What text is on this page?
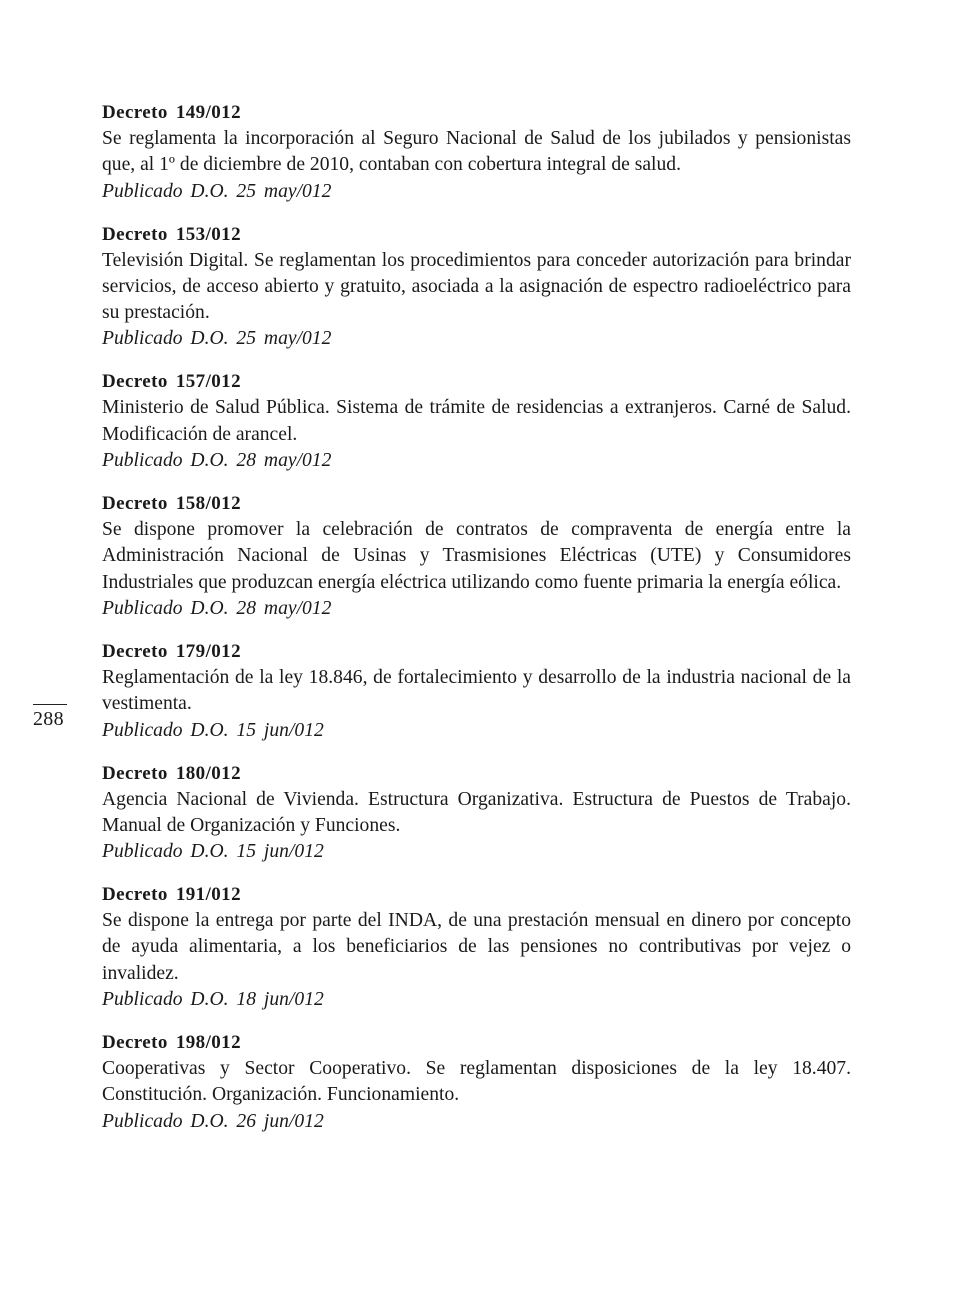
288
Decreto 149/012

Se reglamenta la incorporación al Seguro Nacional de Salud de los jubilados y pensionistas que, al 1º de diciembre de 2010, contaban con cobertura integral de salud.

Publicado D.O. 25 may/012
Decreto 153/012

Televisión Digital. Se reglamentan los procedimientos para conceder autorización para brindar servicios, de acceso abierto y gratuito, asociada a la asignación de espectro radioeléctrico para su prestación.

Publicado D.O. 25 may/012
Decreto 157/012

Ministerio de Salud Pública. Sistema de trámite de residencias a extranjeros. Carné de Salud. Modificación de arancel.

Publicado D.O. 28 may/012
Decreto 158/012

Se dispone promover la celebración de contratos de compraventa de energía entre la Administración Nacional de Usinas y Trasmisiones Eléctricas (UTE) y Consumidores Industriales que produzcan energía eléctrica utilizando como fuente primaria la energía eólica.

Publicado D.O. 28 may/012
Decreto 179/012

Reglamentación de la ley 18.846, de fortalecimiento y desarrollo de la industria nacional de la vestimenta.

Publicado D.O. 15 jun/012
Decreto 180/012

Agencia Nacional de Vivienda. Estructura Organizativa. Estructura de Puestos de Trabajo. Manual de Organización y Funciones.

Publicado D.O. 15 jun/012
Decreto 191/012

Se dispone la entrega por parte del INDA, de una prestación mensual en dinero por concepto de ayuda alimentaria, a los beneficiarios de las pensiones no contributivas por vejez o invalidez.

Publicado D.O. 18 jun/012
Decreto 198/012

Cooperativas y Sector Cooperativo. Se reglamentan disposiciones de la ley 18.407. Constitución. Organización. Funcionamiento.

Publicado D.O. 26 jun/012
